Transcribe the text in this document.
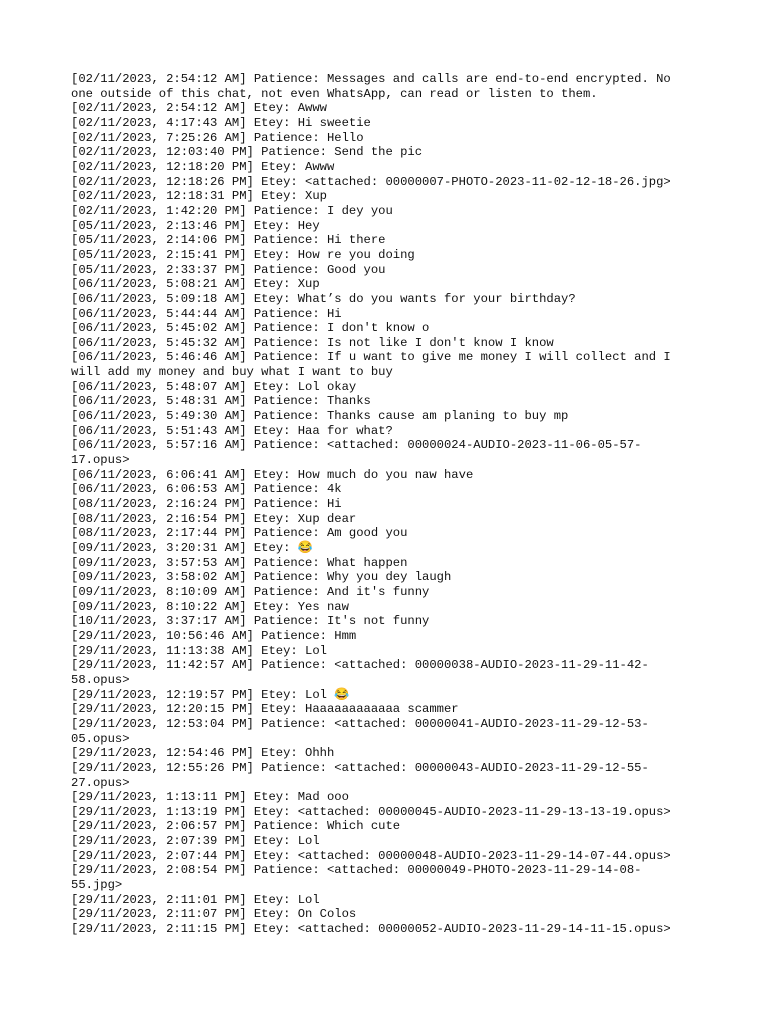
[02/11/2023, 2:54:12 AM] Patience: Messages and calls are end-to-end encrypted. No
one outside of this chat, not even WhatsApp, can read or listen to them.
[02/11/2023, 2:54:12 AM] Etey: Awww
[02/11/2023, 4:17:43 AM] Etey: Hi sweetie
[02/11/2023, 7:25:26 AM] Patience: Hello
[02/11/2023, 12:03:40 PM] Patience: Send the pic
[02/11/2023, 12:18:20 PM] Etey: Awww
[02/11/2023, 12:18:26 PM] Etey: <attached: 00000007-PHOTO-2023-11-02-12-18-26.jpg>
[02/11/2023, 12:18:31 PM] Etey: Xup
[02/11/2023, 1:42:20 PM] Patience: I dey you
[05/11/2023, 2:13:46 PM] Etey: Hey
[05/11/2023, 2:14:06 PM] Patience: Hi there
[05/11/2023, 2:15:41 PM] Etey: How re you doing
[05/11/2023, 2:33:37 PM] Patience: Good you
[06/11/2023, 5:08:21 AM] Etey: Xup
[06/11/2023, 5:09:18 AM] Etey: What’s do you wants for your birthday?
[06/11/2023, 5:44:44 AM] Patience: Hi
[06/11/2023, 5:45:02 AM] Patience: I don't know o
[06/11/2023, 5:45:32 AM] Patience: Is not like I don't know I know
[06/11/2023, 5:46:46 AM] Patience: If u want to give me money I will collect and I
will add my money and buy what I want to buy
[06/11/2023, 5:48:07 AM] Etey: Lol okay
[06/11/2023, 5:48:31 AM] Patience: Thanks
[06/11/2023, 5:49:30 AM] Patience: Thanks cause am planing to buy mp
[06/11/2023, 5:51:43 AM] Etey: Haa for what?
[06/11/2023, 5:57:16 AM] Patience: <attached: 00000024-AUDIO-2023-11-06-05-57-
17.opus>
[06/11/2023, 6:06:41 AM] Etey: How much do you naw have
[06/11/2023, 6:06:53 AM] Patience: 4k
[08/11/2023, 2:16:24 PM] Patience: Hi
[08/11/2023, 2:16:54 PM] Etey: Xup dear
[08/11/2023, 2:17:44 PM] Patience: Am good you
[09/11/2023, 3:20:31 AM] Etey: 😂
[09/11/2023, 3:57:53 AM] Patience: What happen
[09/11/2023, 3:58:02 AM] Patience: Why you dey laugh
[09/11/2023, 8:10:09 AM] Patience: And it's funny
[09/11/2023, 8:10:22 AM] Etey: Yes naw
[10/11/2023, 3:37:17 AM] Patience: It's not funny
[29/11/2023, 10:56:46 AM] Patience: Hmm
[29/11/2023, 11:13:38 AM] Etey: Lol
[29/11/2023, 11:42:57 AM] Patience: <attached: 00000038-AUDIO-2023-11-29-11-42-
58.opus>
[29/11/2023, 12:19:57 PM] Etey: Lol 😂
[29/11/2023, 12:20:15 PM] Etey: Haaaaaaaaaaaa scammer
[29/11/2023, 12:53:04 PM] Patience: <attached: 00000041-AUDIO-2023-11-29-12-53-
05.opus>
[29/11/2023, 12:54:46 PM] Etey: Ohhh
[29/11/2023, 12:55:26 PM] Patience: <attached: 00000043-AUDIO-2023-11-29-12-55-
27.opus>
[29/11/2023, 1:13:11 PM] Etey: Mad ooo
[29/11/2023, 1:13:19 PM] Etey: <attached: 00000045-AUDIO-2023-11-29-13-13-19.opus>
[29/11/2023, 2:06:57 PM] Patience: Which cute
[29/11/2023, 2:07:39 PM] Etey: Lol
[29/11/2023, 2:07:44 PM] Etey: <attached: 00000048-AUDIO-2023-11-29-14-07-44.opus>
[29/11/2023, 2:08:54 PM] Patience: <attached: 00000049-PHOTO-2023-11-29-14-08-
55.jpg>
[29/11/2023, 2:11:01 PM] Etey: Lol
[29/11/2023, 2:11:07 PM] Etey: On Colos
[29/11/2023, 2:11:15 PM] Etey: <attached: 00000052-AUDIO-2023-11-29-14-11-15.opus>
